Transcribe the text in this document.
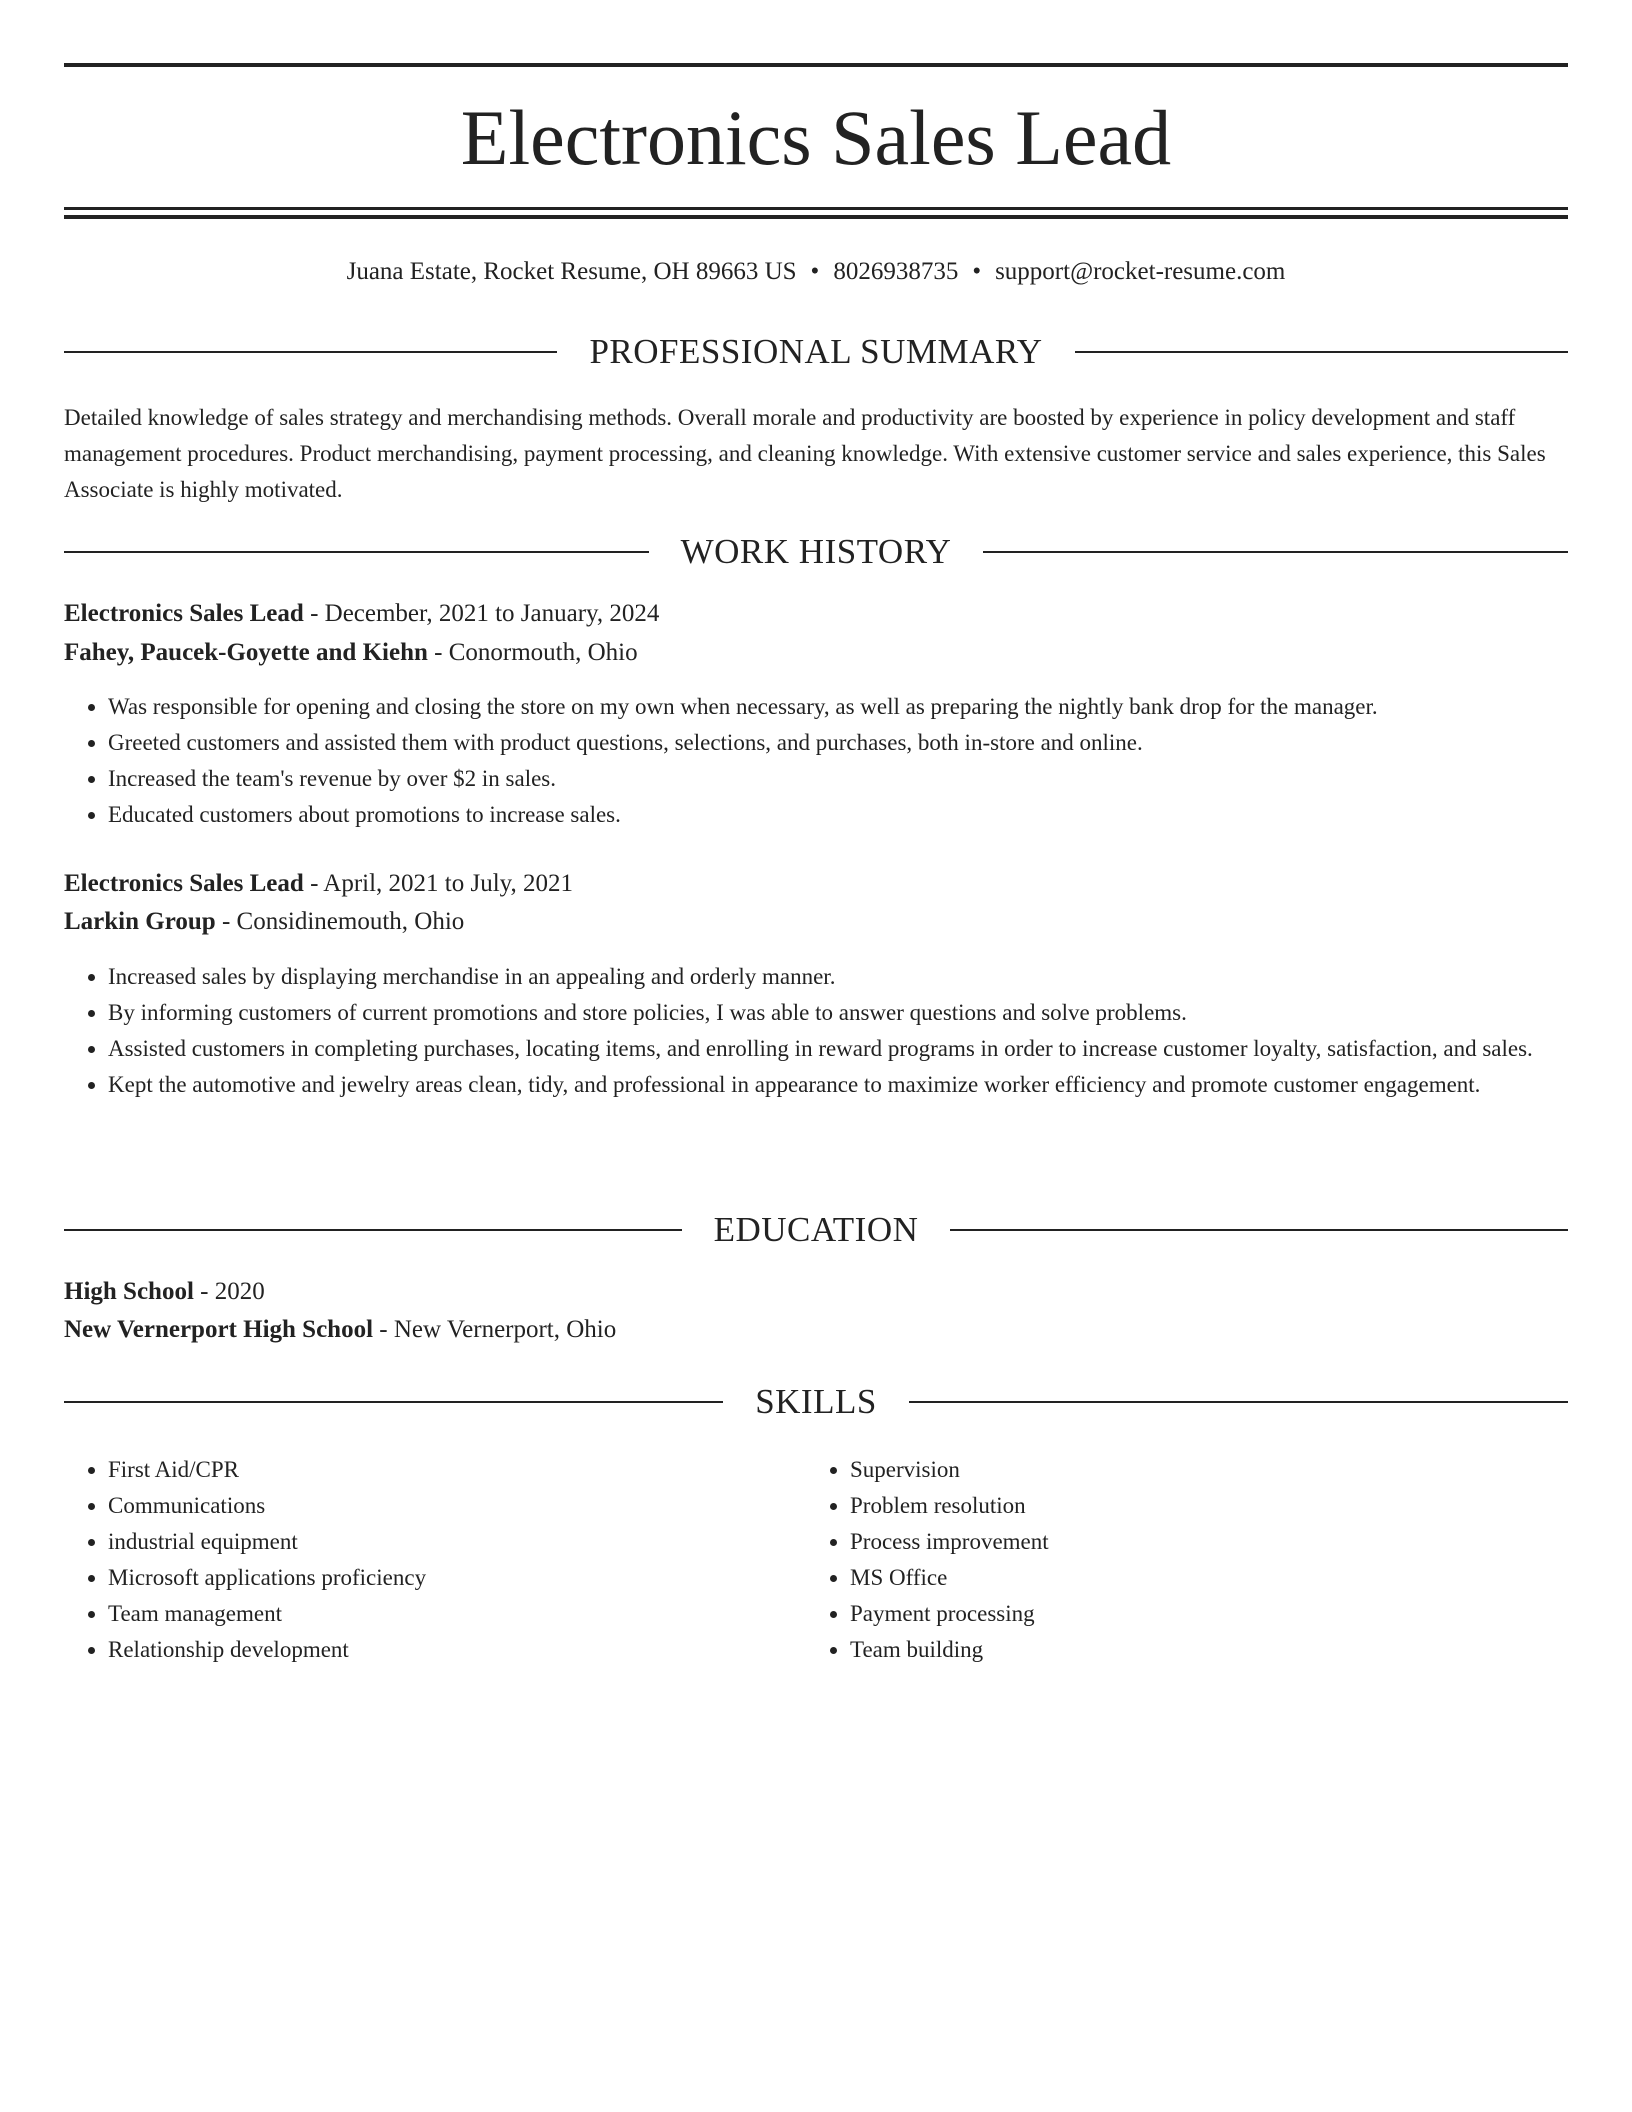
Electronics Sales Lead
Juana Estate, Rocket Resume, OH 89663 US • 8026938735 • support@rocket-resume.com
PROFESSIONAL SUMMARY
Detailed knowledge of sales strategy and merchandising methods. Overall morale and productivity are boosted by experience in policy development and staff management procedures. Product merchandising, payment processing, and cleaning knowledge. With extensive customer service and sales experience, this Sales Associate is highly motivated.
WORK HISTORY
Electronics Sales Lead - December, 2021 to January, 2024
Fahey, Paucek-Goyette and Kiehn - Conormouth, Ohio
• Was responsible for opening and closing the store on my own when necessary, as well as preparing the nightly bank drop for the manager.
• Greeted customers and assisted them with product questions, selections, and purchases, both in-store and online.
• Increased the team's revenue by over $2 in sales.
• Educated customers about promotions to increase sales.
Electronics Sales Lead - April, 2021 to July, 2021
Larkin Group - Considinemouth, Ohio
• Increased sales by displaying merchandise in an appealing and orderly manner.
• By informing customers of current promotions and store policies, I was able to answer questions and solve problems.
• Assisted customers in completing purchases, locating items, and enrolling in reward programs in order to increase customer loyalty, satisfaction, and sales.
• Kept the automotive and jewelry areas clean, tidy, and professional in appearance to maximize worker efficiency and promote customer engagement.
EDUCATION
High School - 2020
New Vernerport High School - New Vernerport, Ohio
SKILLS
• First Aid/CPR
• Communications
• industrial equipment
• Microsoft applications proficiency
• Team management
• Relationship development
• Supervision
• Problem resolution
• Process improvement
• MS Office
• Payment processing
• Team building
